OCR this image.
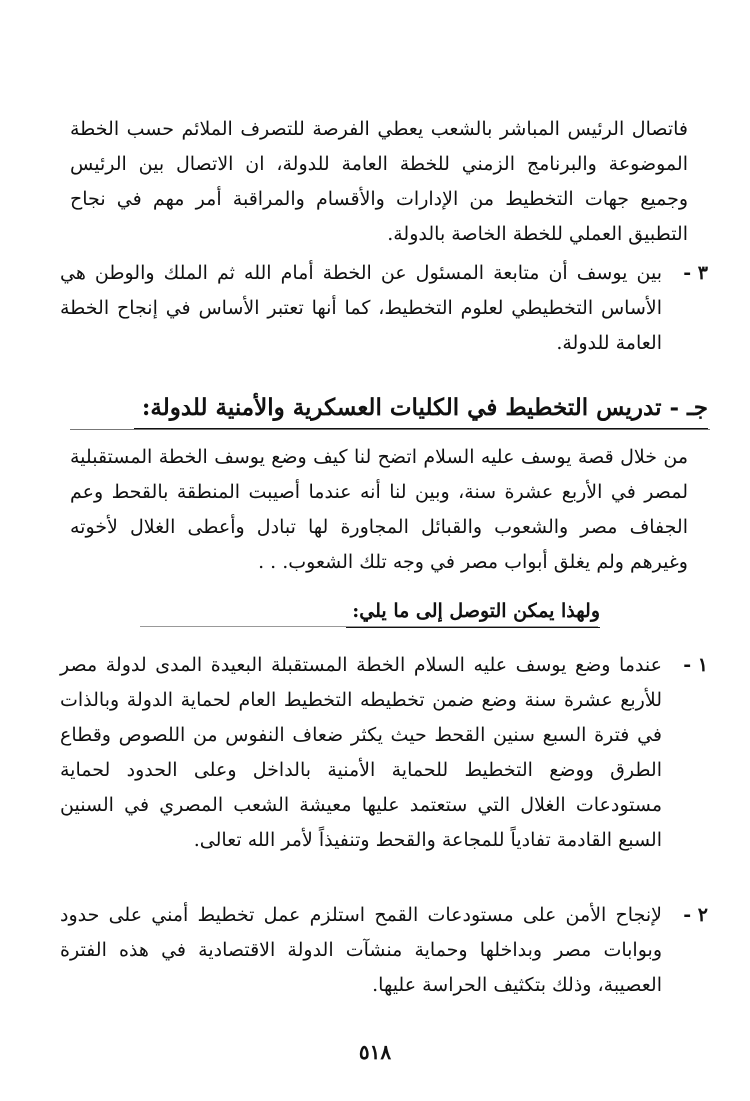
فاتصال الرئيس المباشر بالشعب يعطي الفرصة للتصرف الملائم حسب الخطة الموضوعة والبرنامج الزمني للخطة العامة للدولة، ان الاتصال بين الرئيس وجميع جهات التخطيط من الإدارات والأقسام والمراقبة أمر مهم في نجاح التطبيق العملي للخطة الخاصة بالدولة.

٣ -
بين يوسف أن متابعة المسئول عن الخطة أمام الله ثم الملك والوطن هي الأساس التخطيطي لعلوم التخطيط، كما أنها تعتبر الأساس في إنجاح الخطة العامة للدولة.
جـ - تدريس التخطيط في الكليات العسكرية والأمنية للدولة:

من خلال قصة يوسف عليه السلام اتضح لنا كيف وضع يوسف الخطة المستقبلية لمصر في الأربع عشرة سنة، وبين لنا أنه عندما أصيبت المنطقة بالقحط وعم الجفاف مصر والشعوب والقبائل المجاورة لها تبادل وأعطى الغلال لأخوته وغيرهم ولم يغلق أبواب مصر في وجه تلك الشعوب. . .

ولهذا يمكن التوصل إلى ما يلي:
١ -
عندما وضع يوسف عليه السلام الخطة المستقبلة البعيدة المدى لدولة مصر للأربع عشرة سنة وضع ضمن تخطيطه التخطيط العام لحماية الدولة وبالذات في فترة السبع سنين القحط حيث يكثر ضعاف النفوس من اللصوص وقطاع الطرق ووضع التخطيط للحماية الأمنية بالداخل وعلى الحدود لحماية مستودعات الغلال التي ستعتمد عليها معيشة الشعب المصري في السنين السبع القادمة تفادياً للمجاعة والقحط وتنفيذاً لأمر الله تعالى.
٢ -
لإنجاح الأمن على مستودعات القمح استلزم عمل تخطيط أمني على حدود وبوابات مصر وبداخلها وحماية منشآت الدولة الاقتصادية في هذه الفترة العصيبة، وذلك بتكثيف الحراسة عليها.
٥١٨
